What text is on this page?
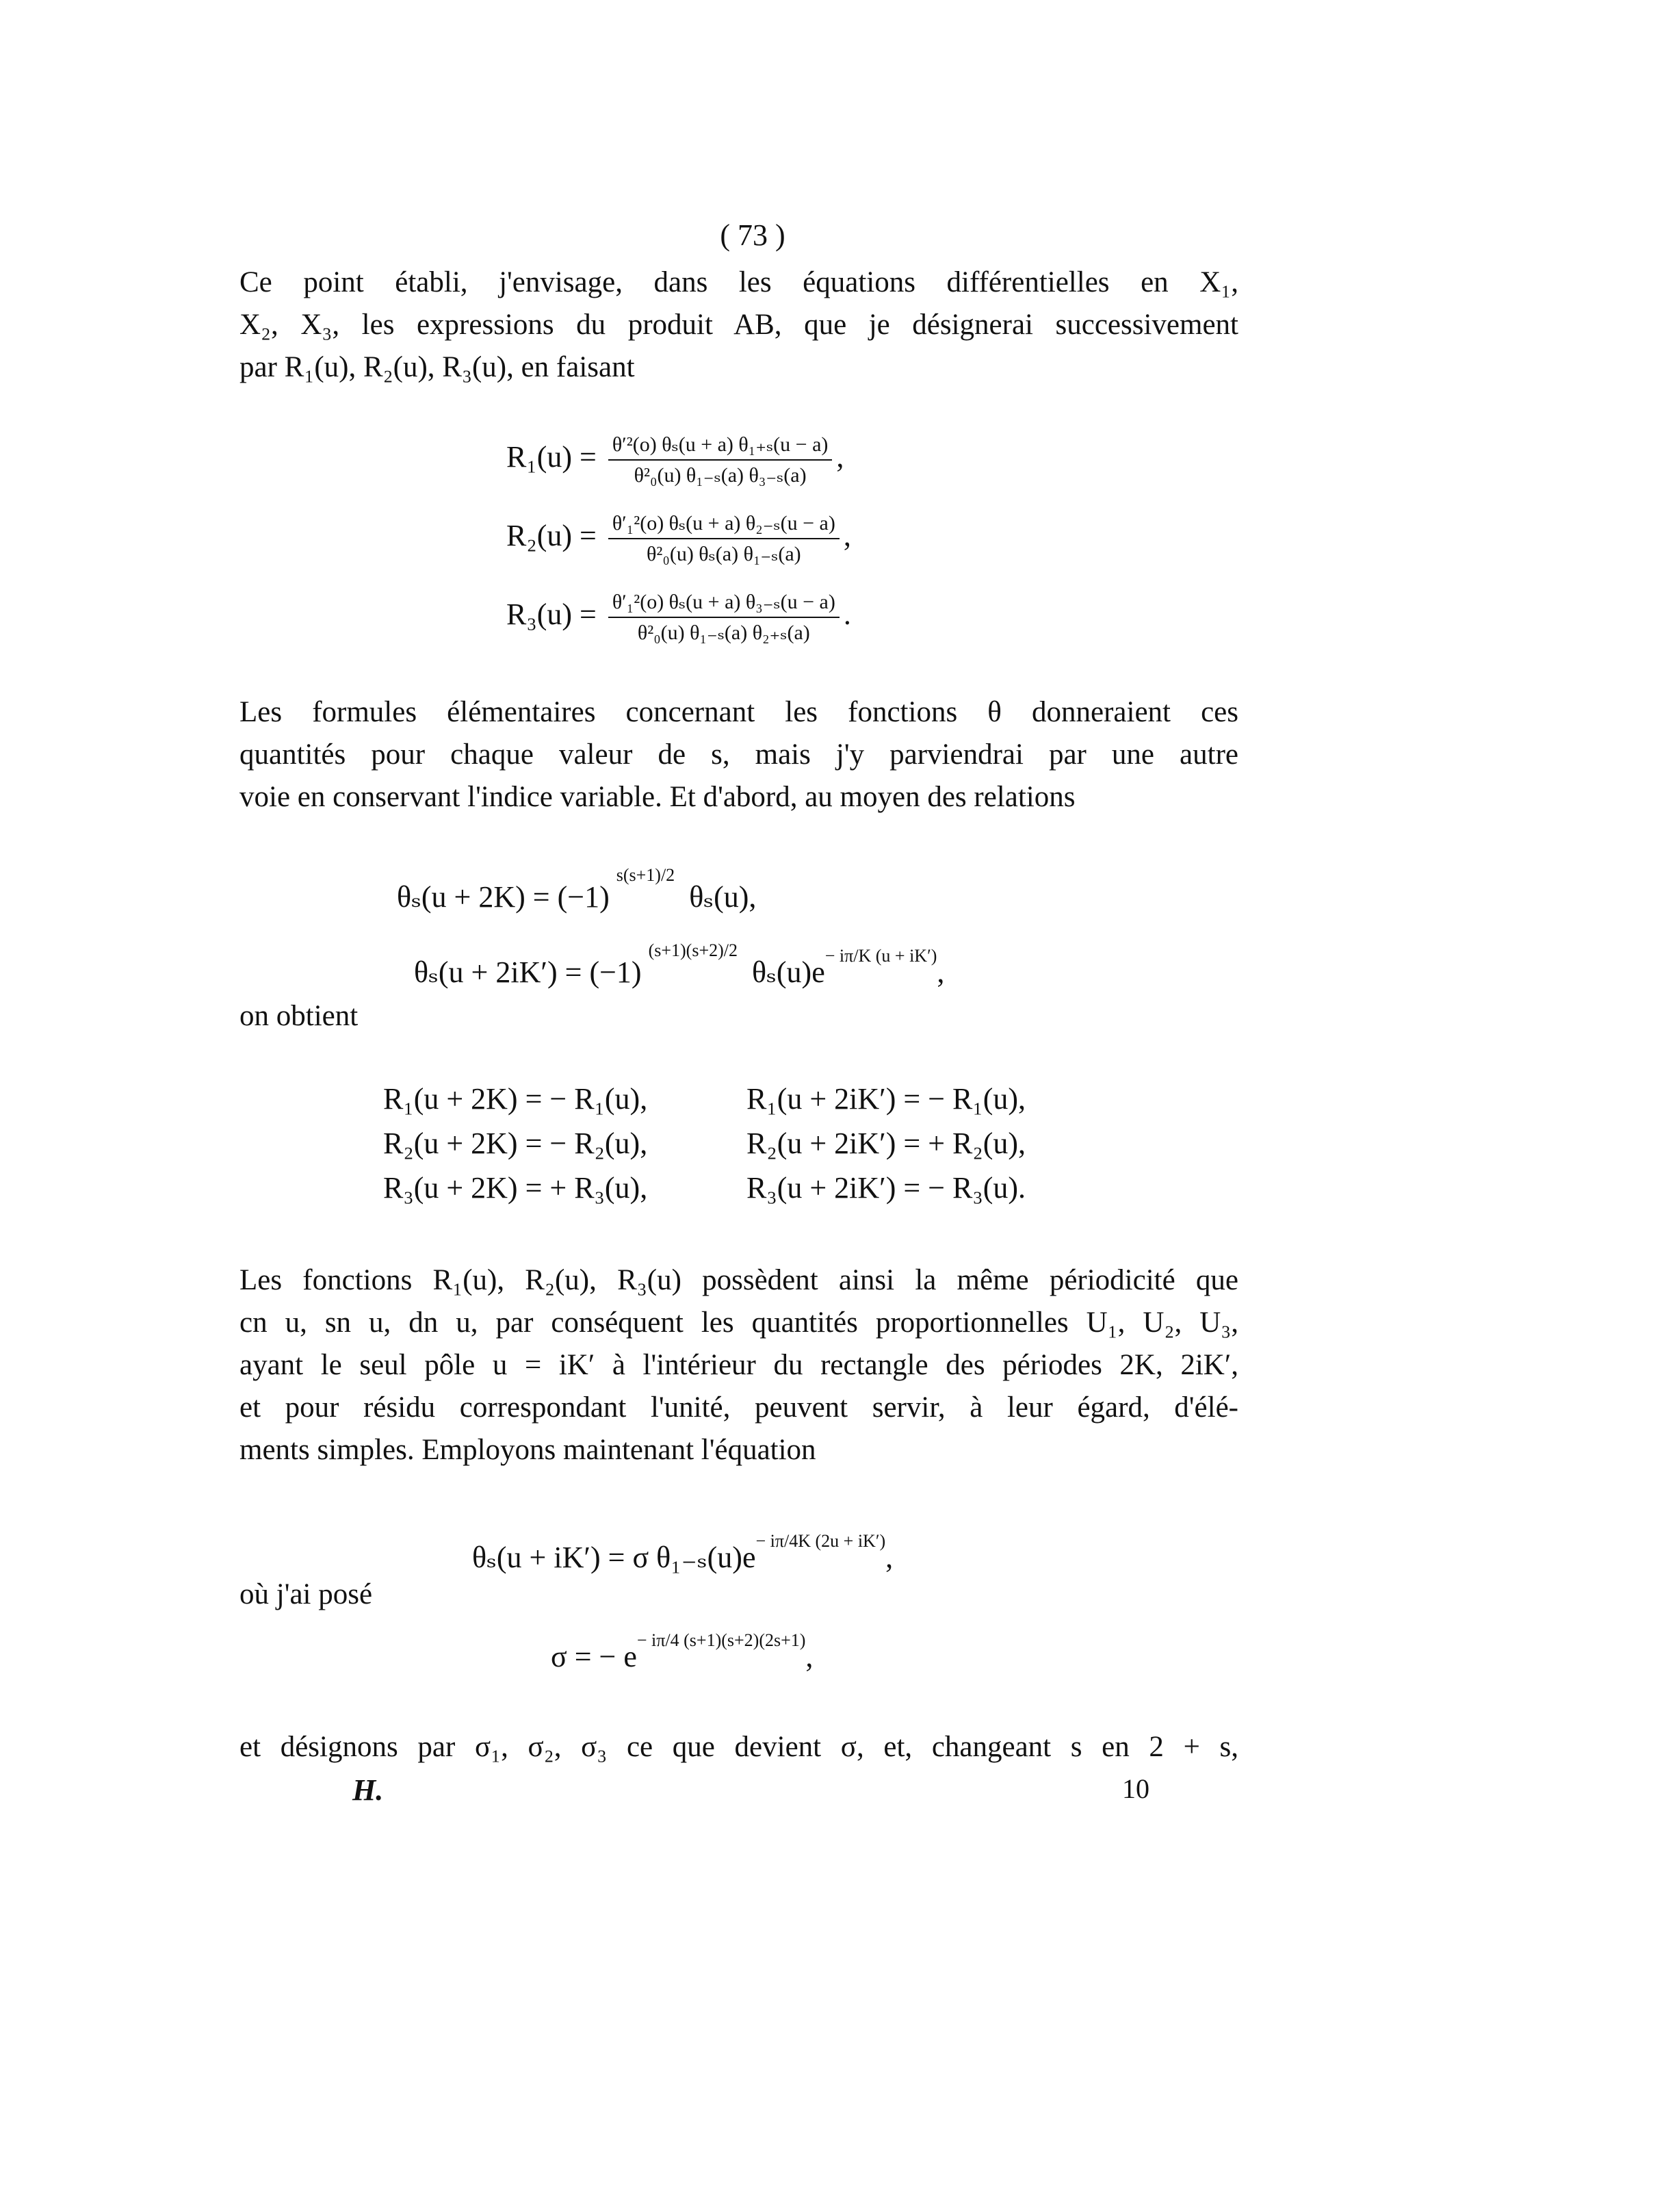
( 73 )
Ce point établi, j'envisage, dans les équations différentielles en X₁,
X₂, X₃, les expressions du produit AB, que je désignerai successivement
par R₁(u), R₂(u), R₃(u), en faisant
$R_1(u) = \frac{\text{θ′²(o) θₛ(u + a) θ₁₊ₛ(u − a)}}{\text{θ²₀(u) θ₁₋ₛ(a) θ₃₋ₛ(a)}}$ ,
$R_2(u) = \frac{\text{θ′₁²(o) θₛ(u + a) θ₂₋ₛ(u − a)}}{\text{θ²₀(u) θₛ(a) θ₁₋ₛ(a)}}$ ,
$R_3(u) = \frac{\text{θ′₁²(o) θₛ(u + a) θ₃₋ₛ(u − a)}}{\text{θ²₀(u) θ₁₋ₛ(a) θ₂₊ₛ(a)}}$ .
Les formules élémentaires concernant les fonctions θ donneraient ces
quantités pour chaque valeur de s, mais j'y parviendrai par une autre
voie en conservant l'indice variable. Et d'abord, au moyen des relations
$\theta_s(u + 2K) = (-1)^{s(s+1)/2}$ θₛ(u),
$\theta_s(u + 2iK') = (-1)^{(s+1)(s+2)/2}$ $\theta_s(u)e^{- i\pi/K (u + iK')}$,
on obtient
R₁(u + 2K) = − R₁(u),	R₁(u + 2iK′) = − R₁(u),
R₂(u + 2K) = − R₂(u),	R₂(u + 2iK′) = + R₂(u),
R₃(u + 2K) = + R₃(u),	R₃(u + 2iK′) = − R₃(u).
Les fonctions R₁(u), R₂(u), R₃(u) possèdent ainsi la même périodicité que
cn u, sn u, dn u, par conséquent les quantités proportionnelles U₁, U₂, U₃,
ayant le seul pôle u = iK′ à l'intérieur du rectangle des périodes 2K, 2iK′,
et pour résidu correspondant l'unité, peuvent servir, à leur égard, d'élé-
ments simples. Employons maintenant l'équation
θₛ(u + iK′) = σ $\theta_{1-s}(u)e^{- i\pi/4K (2u + iK')}$,
où j'ai posé
σ = − $e^{- i\pi/4 (s+1)(s+2)(2s+1)}$,
et désignons par σ₁, σ₂, σ₃ ce que devient σ, et, changeant s en 2 + s,
H.	10
